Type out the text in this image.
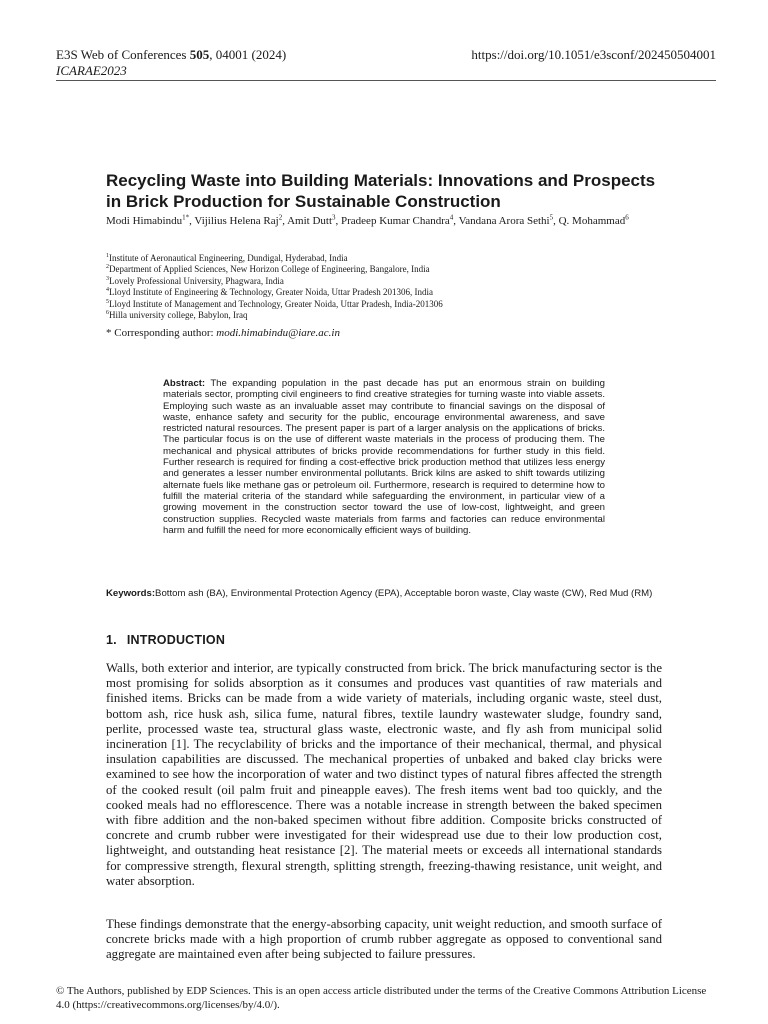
E3S Web of Conferences 505, 04001 (2024)
ICARAE2023
https://doi.org/10.1051/e3sconf/202450504001
Recycling Waste into Building Materials: Innovations and Prospects in Brick Production for Sustainable Construction
Modi Himabindu$^{1*}$, Vijilius Helena Raj$^2$, Amit Dutt$^3$, Pradeep Kumar Chandra$^4$, Vandana Arora Sethi$^5$, Q. Mohammad$^6$
$^1$Institute of Aeronautical Engineering, Dundigal, Hyderabad, India
$^2$Department of Applied Sciences, New Horizon College of Engineering, Bangalore, India
$^3$Lovely Professional University, Phagwara, India
$^4$Lloyd Institute of Engineering & Technology, Greater Noida, Uttar Pradesh 201306, India
$^5$Lloyd Institute of Management and Technology, Greater Noida, Uttar Pradesh, India-201306
$^6$Hilla university college, Babylon, Iraq
* Corresponding author: modi.himabindu@iare.ac.in
Abstract: The expanding population in the past decade has put an enormous strain on building materials sector, prompting civil engineers to find creative strategies for turning waste into viable assets. Employing such waste as an invaluable asset may contribute to financial savings on the disposal of waste, enhance safety and security for the public, encourage environmental awareness, and save restricted natural resources. The present paper is part of a larger analysis on the applications of bricks. The particular focus is on the use of different waste materials in the process of producing them. The mechanical and physical attributes of bricks provide recommendations for further study in this field. Further research is required for finding a cost-effective brick production method that utilizes less energy and generates a lesser number environmental pollutants. Brick kilns are asked to shift towards utilizing alternate fuels like methane gas or petroleum oil. Furthermore, research is required to determine how to fulfill the material criteria of the standard while safeguarding the environment, in particular view of a growing movement in the construction sector toward the use of low-cost, lightweight, and green construction supplies. Recycled waste materials from farms and factories can reduce environmental harm and fulfill the need for more economically efficient ways of building.
Keywords:Bottom ash (BA), Environmental Protection Agency (EPA), Acceptable boron waste, Clay waste (CW), Red Mud (RM)
1. INTRODUCTION
Walls, both exterior and interior, are typically constructed from brick. The brick manufacturing sector is the most promising for solids absorption as it consumes and produces vast quantities of raw materials and finished items. Bricks can be made from a wide variety of materials, including organic waste, steel dust, bottom ash, rice husk ash, silica fume, natural fibres, textile laundry wastewater sludge, foundry sand, perlite, processed waste tea, structural glass waste, electronic waste, and fly ash from municipal solid incineration [1]. The recyclability of bricks and the importance of their mechanical, thermal, and physical insulation capabilities are discussed. The mechanical properties of unbaked and baked clay bricks were examined to see how the incorporation of water and two distinct types of natural fibres affected the strength of the cooked result (oil palm fruit and pineapple eaves). The fresh items went bad too quickly, and the cooked meals had no efflorescence. There was a notable increase in strength between the baked specimen with fibre addition and the non-baked specimen without fibre addition. Composite bricks constructed of concrete and crumb rubber were investigated for their widespread use due to their low production cost, lightweight, and outstanding heat resistance [2]. The material meets or exceeds all international standards for compressive strength, flexural strength, splitting strength, freezing-thawing resistance, unit weight, and water absorption.
These findings demonstrate that the energy-absorbing capacity, unit weight reduction, and smooth surface of concrete bricks made with a high proportion of crumb rubber aggregate as opposed to conventional sand aggregate are maintained even after being subjected to failure pressures.
© The Authors, published by EDP Sciences. This is an open access article distributed under the terms of the Creative Commons Attribution License 4.0 (https://creativecommons.org/licenses/by/4.0/).
